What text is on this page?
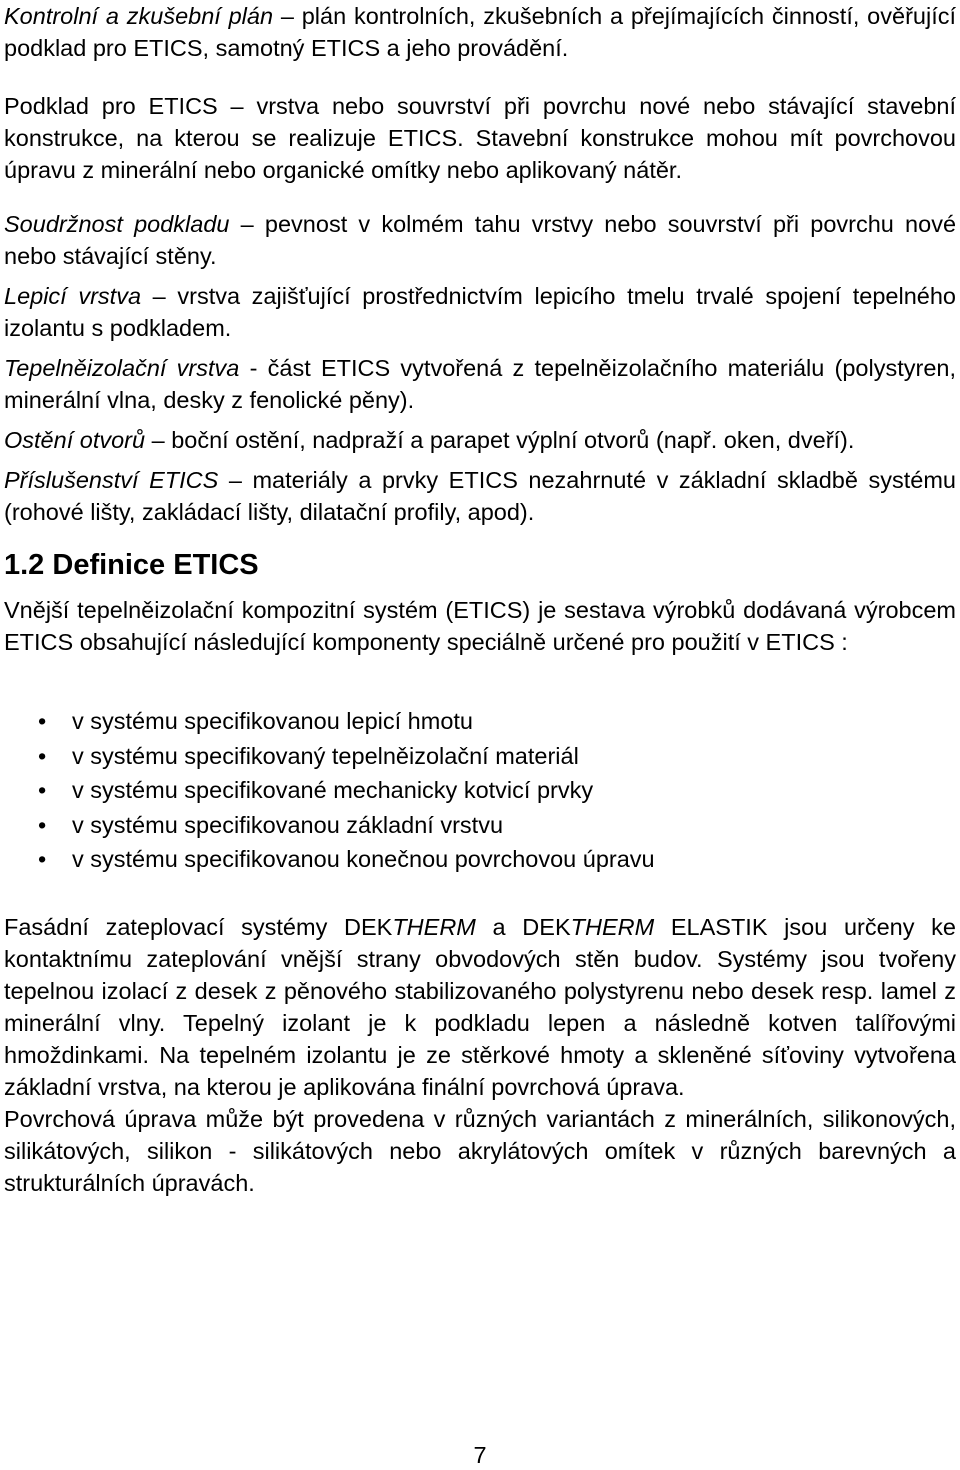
Kontrolní a zkušební plán – plán kontrolních, zkušebních a přejímajících činností, ověřující podklad pro ETICS, samotný ETICS a jeho provádění.

Podklad pro ETICS – vrstva nebo souvrství při povrchu nové nebo stávající stavební konstrukce, na kterou se realizuje ETICS. Stavební konstrukce mohou mít povrchovou úpravu z minerální nebo organické omítky nebo aplikovaný nátěr.

Soudržnost podkladu – pevnost v kolmém tahu vrstvy nebo souvrství při povrchu nové nebo stávající stěny.

Lepicí vrstva – vrstva zajišťující prostřednictvím lepicího tmelu trvalé spojení tepelného izolantu s podkladem.

Tepelněizolační vrstva - část ETICS vytvořená z tepelněizolačního materiálu (polystyren, minerální vlna, desky z fenolické pěny).

Ostění otvorů – boční ostění, nadpraží a parapet výplní otvorů (např. oken, dveří).

Příslušenství ETICS – materiály a prvky ETICS nezahrnuté v základní skladbě systému (rohové lišty, zakládací lišty, dilatační profily, apod).

1.2 Definice ETICS

Vnější tepelněizolační kompozitní systém (ETICS) je sestava výrobků dodávaná výrobcem ETICS obsahující následující komponenty speciálně určené pro použití v ETICS :

• v systému specifikovanou lepicí hmotu
• v systému specifikovaný tepelněizolační materiál
• v systému specifikované mechanicky kotvicí prvky
• v systému specifikovanou základní vrstvu
• v systému specifikovanou konečnou povrchovou úpravu

Fasádní zateplovací systémy DEKTHERM a DEKTHERM ELASTIK jsou určeny ke kontaktnímu zateplování vnější strany obvodových stěn budov. Systémy jsou tvořeny tepelnou izolací z desek z pěnového stabilizovaného polystyrenu nebo desek resp. lamel z minerální vlny. Tepelný izolant je k podkladu lepen a následně kotven talířovými hmoždinkami. Na tepelném izolantu je ze stěrkové hmoty a skleněné síťoviny vytvořena základní vrstva, na kterou je aplikována finální povrchová úprava.

Povrchová úprava může být provedena v různých variantách z minerálních, silikonových, silikátových, silikon - silikátových nebo akrylátových omítek v různých barevných a strukturálních úpravách.

7
